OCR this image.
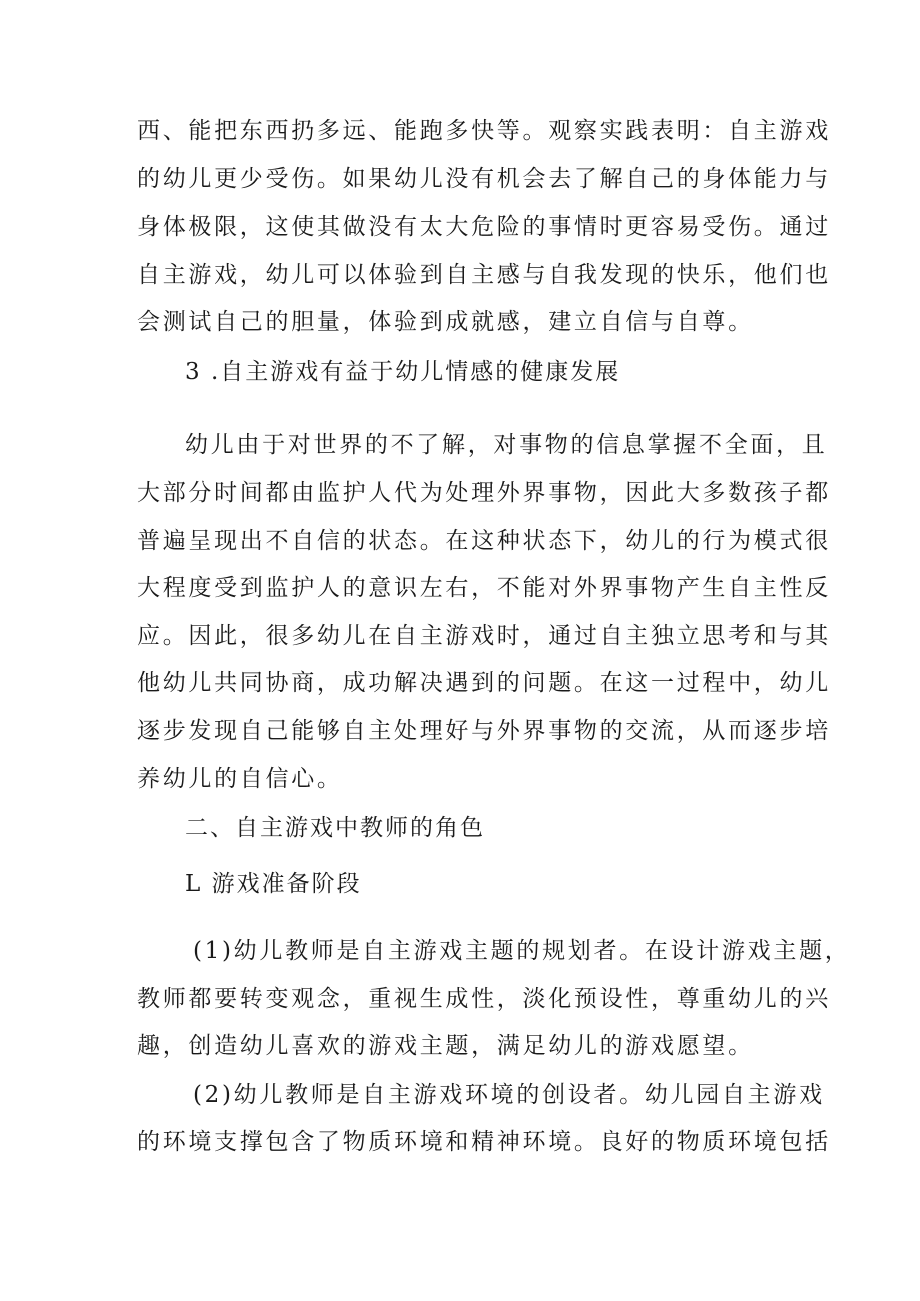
西、能把东西扔多远、能跑多快等。观察实践表明：自主游戏
的幼儿更少受伤。如果幼儿没有机会去了解自己的身体能力与
身体极限，这使其做没有太大危险的事情时更容易受伤。通过
自主游戏，幼儿可以体验到自主感与自我发现的快乐，他们也
会测试自己的胆量，体验到成就感，建立自信与自尊。
3 .自主游戏有益于幼儿情感的健康发展
幼儿由于对世界的不了解，对事物的信息掌握不全面，且
大部分时间都由监护人代为处理外界事物，因此大多数孩子都
普遍呈现出不自信的状态。在这种状态下，幼儿的行为模式很
大程度受到监护人的意识左右，不能对外界事物产生自主性反
应。因此，很多幼儿在自主游戏时，通过自主独立思考和与其
他幼儿共同协商，成功解决遇到的问题。在这一过程中，幼儿
逐步发现自己能够自主处理好与外界事物的交流，从而逐步培
养幼儿的自信心。
二、自主游戏中教师的角色
L 游戏准备阶段
(1)幼儿教师是自主游戏主题的规划者。在设计游戏主题，
教师都要转变观念，重视生成性，淡化预设性，尊重幼儿的兴
趣，创造幼儿喜欢的游戏主题，满足幼儿的游戏愿望。
(2)幼儿教师是自主游戏环境的创设者。幼儿园自主游戏
的环境支撑包含了物质环境和精神环境。良好的物质环境包括
